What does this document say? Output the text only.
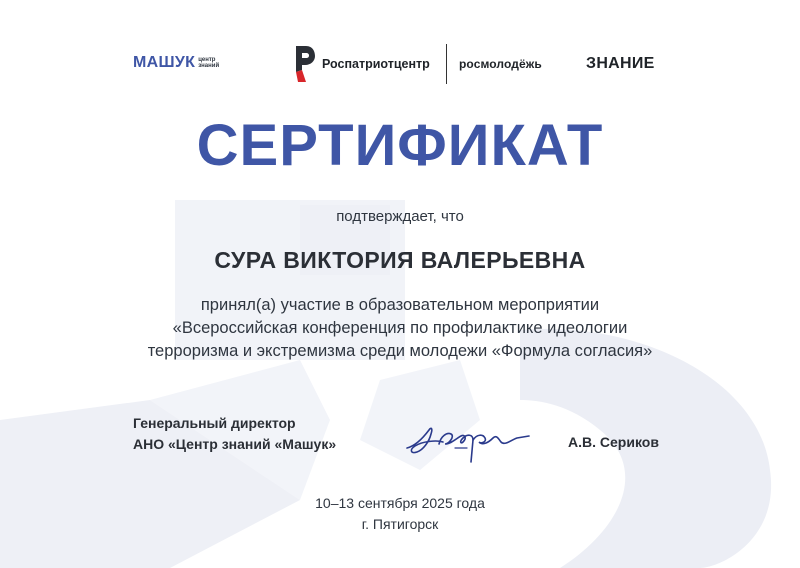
МАШУК центр
знаний	Роспатриотцентр росмолодёжь	ЗНАНИЕ
СЕРТИФИКАТ
подтверждает, что
СУРА ВИКТОРИЯ ВАЛЕРЬЕВНА
принял(а) участие в образовательном мероприятии
«Всероссийская конференция по профилактике идеологии
терроризма и экстремизма среди молодежи «Формула согласия»
Генеральный директор
АНО «Центр знаний «Машук»	А.В. Сериков
10–13 сентября 2025 года
г. Пятигорск
